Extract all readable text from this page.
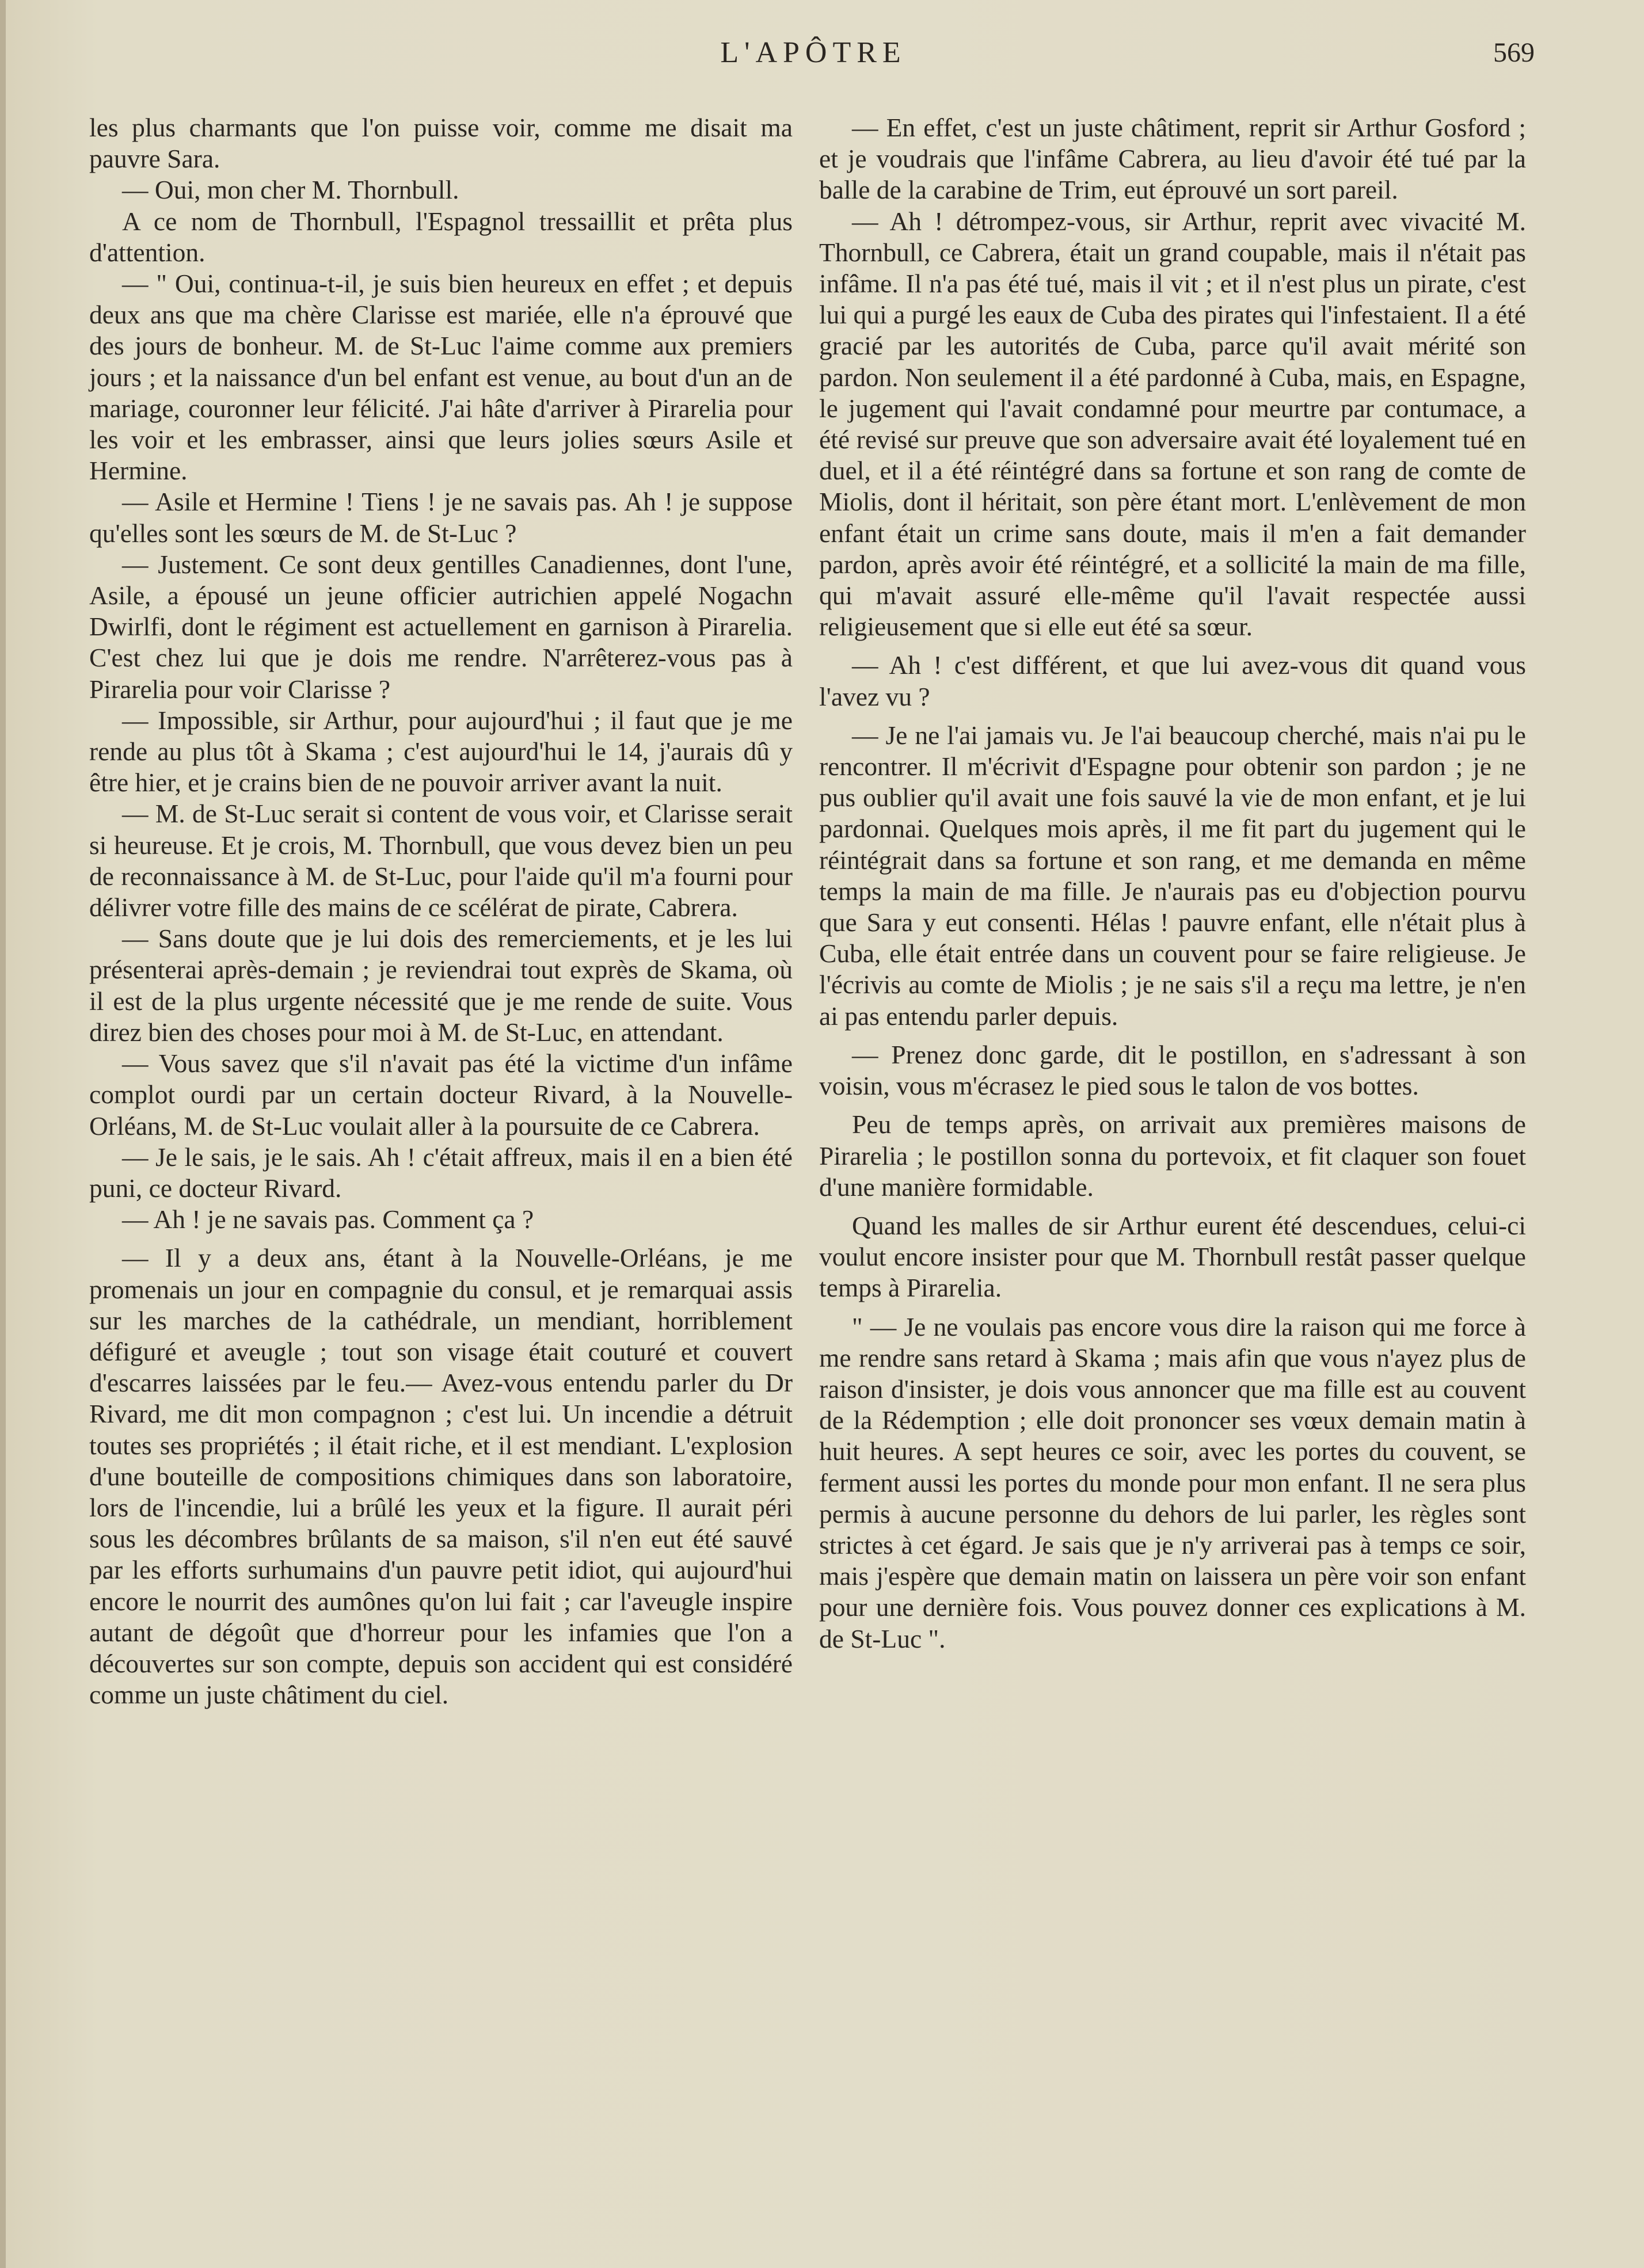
L'APÔTRE	569

les plus charmants que l'on puisse voir, comme me disait ma pauvre Sara.

— Oui, mon cher M. Thornbull.

A ce nom de Thornbull, l'Espagnol tressaillit et prêta plus d'attention.

— " Oui, continua-t-il, je suis bien heureux en effet ; et depuis deux ans que ma chère Clarisse est mariée, elle n'a éprouvé que des jours de bonheur. M. de St-Luc l'aime comme aux premiers jours ; et la naissance d'un bel enfant est venue, au bout d'un an de mariage, couronner leur félicité. J'ai hâte d'arriver à Pirarelia pour les voir et les embrasser, ainsi que leurs jolies sœurs Asile et Hermine.

— Asile et Hermine ! Tiens ! je ne savais pas. Ah ! je suppose qu'elles sont les sœurs de M. de St-Luc ?

— Justement. Ce sont deux gentilles Canadiennes, dont l'une, Asile, a épousé un jeune officier autrichien appelé Nogachn Dwirlfi, dont le régiment est actuellement en garnison à Pirarelia. C'est chez lui que je dois me rendre. N'arrêterez-vous pas à Pirarelia pour voir Clarisse ?

— Impossible, sir Arthur, pour aujourd'hui ; il faut que je me rende au plus tôt à Skama ; c'est aujourd'hui le 14, j'aurais dû y être hier, et je crains bien de ne pouvoir arriver avant la nuit.

— M. de St-Luc serait si content de vous voir, et Clarisse serait si heureuse. Et je crois, M. Thornbull, que vous devez bien un peu de reconnaissance à M. de St-Luc, pour l'aide qu'il m'a fourni pour délivrer votre fille des mains de ce scélérat de pirate, Cabrera.

— Sans doute que je lui dois des remerciements, et je les lui présenterai après-demain ; je reviendrai tout exprès de Skama, où il est de la plus urgente nécessité que je me rende de suite. Vous direz bien des choses pour moi à M. de St-Luc, en attendant.

— Vous savez que s'il n'avait pas été la victime d'un infâme complot ourdi par un certain docteur Rivard, à la Nouvelle-Orléans, M. de St-Luc voulait aller à la poursuite de ce Cabrera.

— Je le sais, je le sais. Ah ! c'était affreux, mais il en a bien été puni, ce docteur Rivard.

— Ah ! je ne savais pas. Comment ça ?

— Il y a deux ans, étant à la Nouvelle-Orléans, je me promenais un jour en compagnie du consul, et je remarquai assis sur les marches de la cathédrale, un mendiant, horriblement défiguré et aveugle ; tout son visage était couturé et couvert d'escarres laissées par le feu.— Avez-vous entendu parler du Dr Rivard, me dit mon compagnon ; c'est lui. Un incendie a détruit toutes ses propriétés ; il était riche, et il est mendiant. L'explosion d'une bouteille de compositions chimiques dans son laboratoire, lors de l'incendie, lui a brûlé les yeux et la figure. Il aurait péri sous les décombres brûlants de sa maison, s'il n'en eut été sauvé par les efforts surhumains d'un pauvre petit idiot, qui aujourd'hui encore le nourrit des aumônes qu'on lui fait ; car l'aveugle inspire autant de dégoût que d'horreur pour les infamies que l'on a découvertes sur son compte, depuis son accident qui est considéré comme un juste châtiment du ciel.

— En effet, c'est un juste châtiment, reprit sir Arthur Gosford ; et je voudrais que l'infâme Cabrera, au lieu d'avoir été tué par la balle de la carabine de Trim, eut éprouvé un sort pareil.

— Ah ! détrompez-vous, sir Arthur, reprit avec vivacité M. Thornbull, ce Cabrera, était un grand coupable, mais il n'était pas infâme. Il n'a pas été tué, mais il vit ; et il n'est plus un pirate, c'est lui qui a purgé les eaux de Cuba des pirates qui l'infestaient. Il a été gracié par les autorités de Cuba, parce qu'il avait mérité son pardon. Non seulement il a été pardonné à Cuba, mais, en Espagne, le jugement qui l'avait condamné pour meurtre par contumace, a été revisé sur preuve que son adversaire avait été loyalement tué en duel, et il a été réintégré dans sa fortune et son rang de comte de Miolis, dont il héritait, son père étant mort. L'enlèvement de mon enfant était un crime sans doute, mais il m'en a fait demander pardon, après avoir été réintégré, et a sollicité la main de ma fille, qui m'avait assuré elle-même qu'il l'avait respectée aussi religieusement que si elle eut été sa sœur.

— Ah ! c'est différent, et que lui avez-vous dit quand vous l'avez vu ?

— Je ne l'ai jamais vu. Je l'ai beaucoup cherché, mais n'ai pu le rencontrer. Il m'écrivit d'Espagne pour obtenir son pardon ; je ne pus oublier qu'il avait une fois sauvé la vie de mon enfant, et je lui pardonnai. Quelques mois après, il me fit part du jugement qui le réintégrait dans sa fortune et son rang, et me demanda en même temps la main de ma fille. Je n'aurais pas eu d'objection pourvu que Sara y eut consenti. Hélas ! pauvre enfant, elle n'était plus à Cuba, elle était entrée dans un couvent pour se faire religieuse. Je l'écrivis au comte de Miolis ; je ne sais s'il a reçu ma lettre, je n'en ai pas entendu parler depuis.

— Prenez donc garde, dit le postillon, en s'adressant à son voisin, vous m'écrasez le pied sous le talon de vos bottes.

Peu de temps après, on arrivait aux premières maisons de Pirarelia ; le postillon sonna du portevoix, et fit claquer son fouet d'une manière formidable.

Quand les malles de sir Arthur eurent été descendues, celui-ci voulut encore insister pour que M. Thornbull restât passer quelque temps à Pirarelia.

" — Je ne voulais pas encore vous dire la raison qui me force à me rendre sans retard à Skama ; mais afin que vous n'ayez plus de raison d'insister, je dois vous annoncer que ma fille est au couvent de la Rédemption ; elle doit prononcer ses vœux demain matin à huit heures. A sept heures ce soir, avec les portes du couvent, se ferment aussi les portes du monde pour mon enfant. Il ne sera plus permis à aucune personne du dehors de lui parler, les règles sont strictes à cet égard. Je sais que je n'y arriverai pas à temps ce soir, mais j'espère que demain matin on laissera un père voir son enfant pour une dernière fois. Vous pouvez donner ces explications à M. de St-Luc ".
